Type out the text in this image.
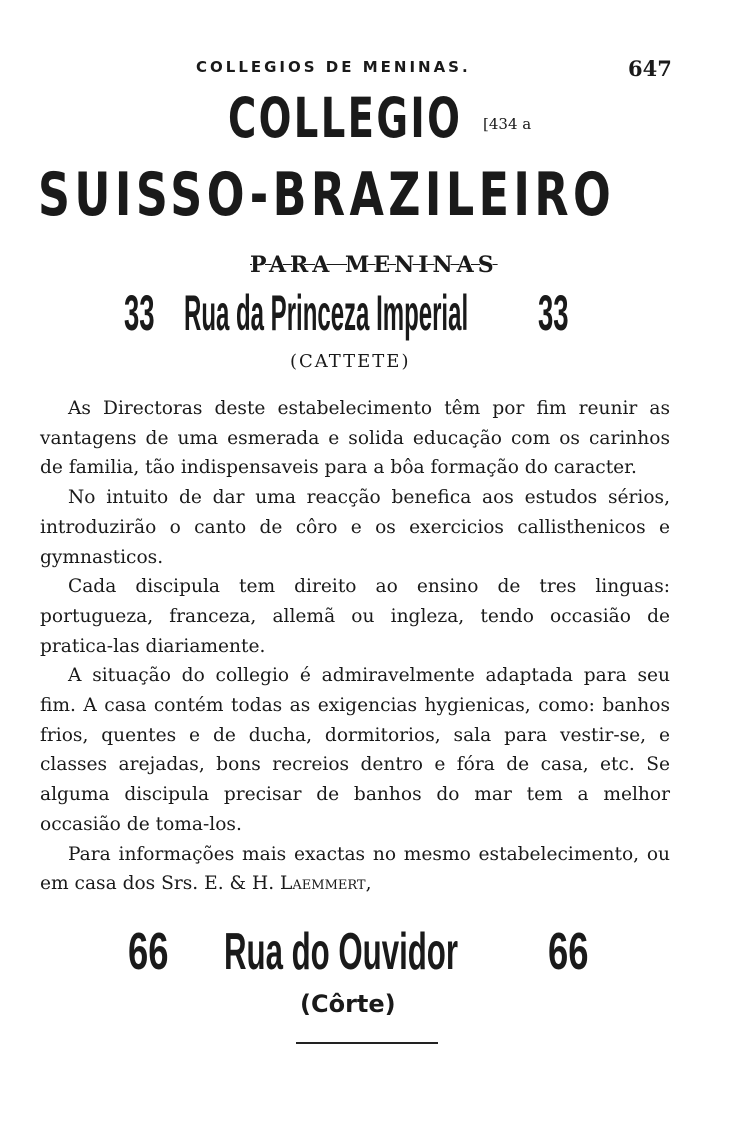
COLLEGIOS DE MENINAS.	647
COLLEGIO [434 a
SUISSO-BRAZILEIRO
PARA MENINAS
33 Rua da Princeza Imperial 33
(CATTETE)

As Directoras deste estabelecimento têm por fim reunir as vantagens de uma esmerada e solida educação com os carinhos de familia, tão indispensaveis para a bôa formação do caracter.

No intuito de dar uma reacção benefica aos estudos sérios, introduzirão o canto de côro e os exercicios callisthenicos e gymnasticos.

Cada discipula tem direito ao ensino de tres linguas: portugueza, franceza, allemã ou ingleza, tendo occasião de pratica-las diariamente.

A situação do collegio é admiravelmente adaptada para seu fim. A casa contém todas as exigencias hygienicas, como: banhos frios, quentes e de ducha, dormitorios, sala para vestir-se, e classes arejadas, bons recreios dentro e fóra de casa, etc. Se alguma discipula precisar de banhos do mar tem a melhor occasião de toma-los.

Para informações mais exactas no mesmo estabelecimento, ou em casa dos Srs. E. & H. Laemmert,

66 Rua do Ouvidor 66
(Côrte)
